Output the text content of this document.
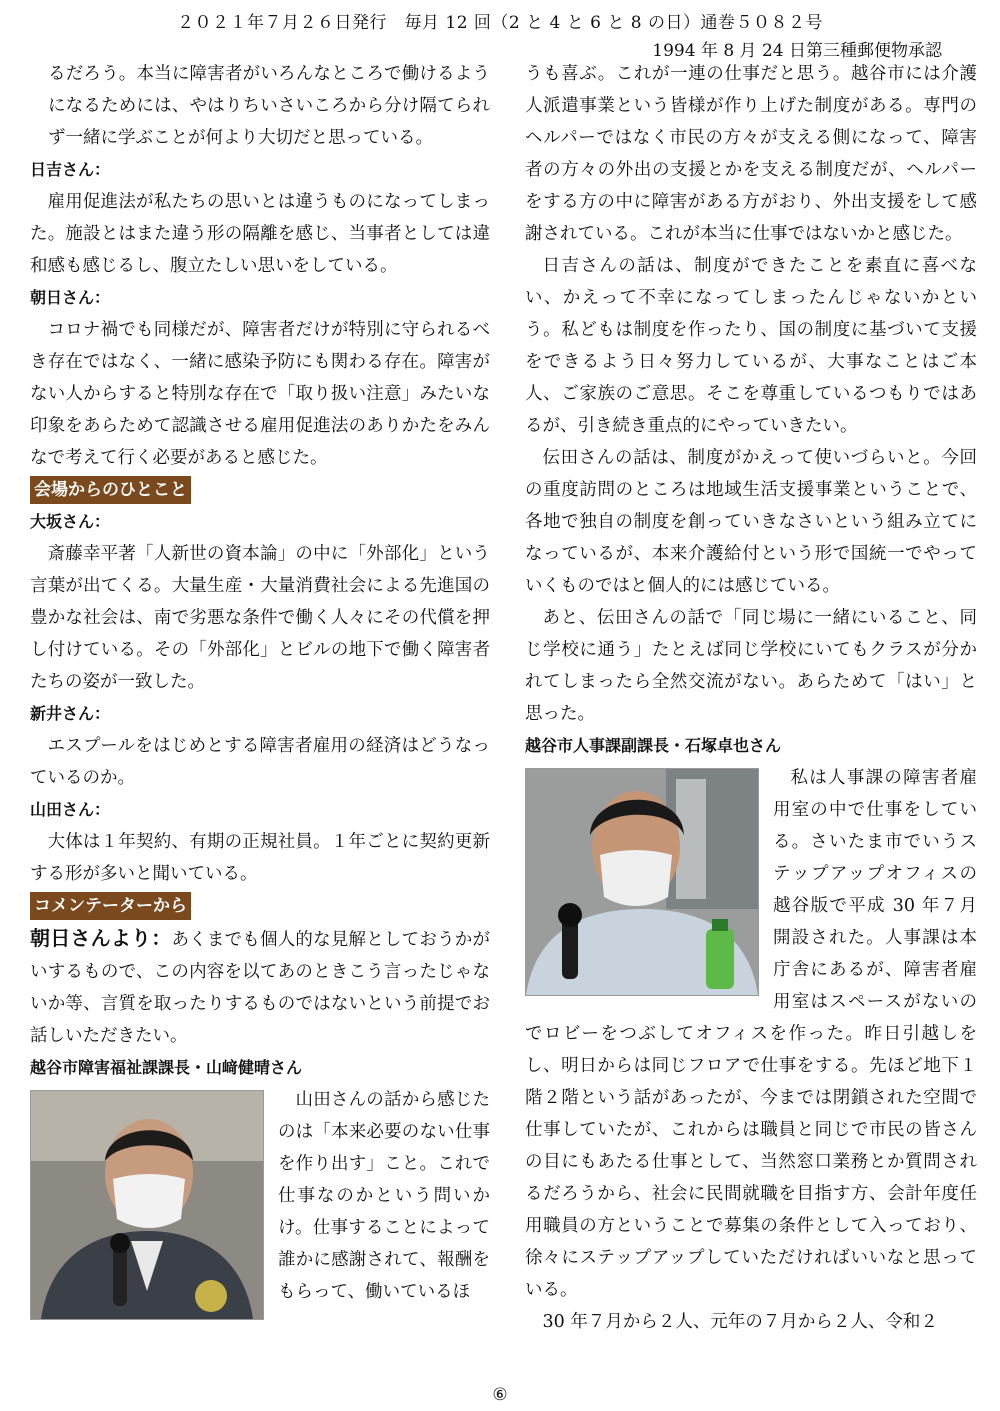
２０２１年７月２６日発行　毎月 12 回（2 と 4 と 6 と 8 の日）通巻５０８２号
1994 年 8 月 24 日第三種郵便物承認

るだろう。本当に障害者がいろんなところで働けるようになるためには、やはりちいさいころから分け隔てられず一緒に学ぶことが何より大切だと思っている。

日吉さん：

雇用促進法が私たちの思いとは違うものになってしまった。施設とはまた違う形の隔離を感じ、当事者としては違和感も感じるし、腹立たしい思いをしている。

朝日さん：

コロナ禍でも同様だが、障害者だけが特別に守られるべき存在ではなく、一緒に感染予防にも関わる存在。障害がない人からすると特別な存在で「取り扱い注意」みたいな印象をあらためて認識させる雇用促進法のありかたをみんなで考えて行く必要があると感じた。

会場からのひとこと
大坂さん：

斎藤幸平著「人新世の資本論」の中に「外部化」という言葉が出てくる。大量生産・大量消費社会による先進国の豊かな社会は、南で劣悪な条件で働く人々にその代償を押し付けている。その「外部化」とビルの地下で働く障害者たちの姿が一致した。

新井さん：

エスプールをはじめとする障害者雇用の経済はどうなっているのか。

山田さん：

大体は１年契約、有期の正規社員。１年ごとに契約更新する形が多いと聞いている。

コメンテーターから

朝日さんより：あくまでも個人的な見解としておうかがいするもので、この内容を以てあのときこう言ったじゃないか等、言質を取ったりするものではないという前提でお話しいただきたい。

越谷市障害福祉課課長・山﨑健晴さん

山田さんの話から感じたのは「本来必要のない仕事を作り出す」こと。これで仕事なのかという問いかけ。仕事することによって誰かに感謝されて、報酬をもらって、働いているほ

うも喜ぶ。これが一連の仕事だと思う。越谷市には介護人派遣事業という皆様が作り上げた制度がある。専門のヘルパーではなく市民の方々が支える側になって、障害者の方々の外出の支援とかを支える制度だが、ヘルパーをする方の中に障害がある方がおり、外出支援をして感謝されている。これが本当に仕事ではないかと感じた。

日吉さんの話は、制度ができたことを素直に喜べない、かえって不幸になってしまったんじゃないかという。私どもは制度を作ったり、国の制度に基づいて支援をできるよう日々努力しているが、大事なことはご本人、ご家族のご意思。そこを尊重しているつもりではあるが、引き続き重点的にやっていきたい。

伝田さんの話は、制度がかえって使いづらいと。今回の重度訪問のところは地域生活支援事業ということで、各地で独自の制度を創っていきなさいという組み立てになっているが、本来介護給付という形で国統一でやっていくものではと個人的には感じている。

あと、伝田さんの話で「同じ場に一緒にいること、同じ学校に通う」たとえば同じ学校にいてもクラスが分かれてしまったら全然交流がない。あらためて「はい」と思った。

越谷市人事課副課長・石塚卓也さん

私は人事課の障害者雇用室の中で仕事をしている。さいたま市でいうステップアップオフィスの越谷版で平成 30 年７月開設された。人事課は本庁舎にあるが、障害者雇用室はスペースがないのでロビーをつぶしてオフィスを作った。昨日引越しをし、明日からは同じフロアで仕事をする。先ほど地下１階２階という話があったが、今までは閉鎖された空間で仕事していたが、これからは職員と同じで市民の皆さんの目にもあたる仕事として、当然窓口業務とか質問されるだろうから、社会に民間就職を目指す方、会計年度任用職員の方ということで募集の条件として入っており、徐々にステップアップしていただければいいなと思っている。

30 年７月から２人、元年の７月から２人、令和２

⑥
